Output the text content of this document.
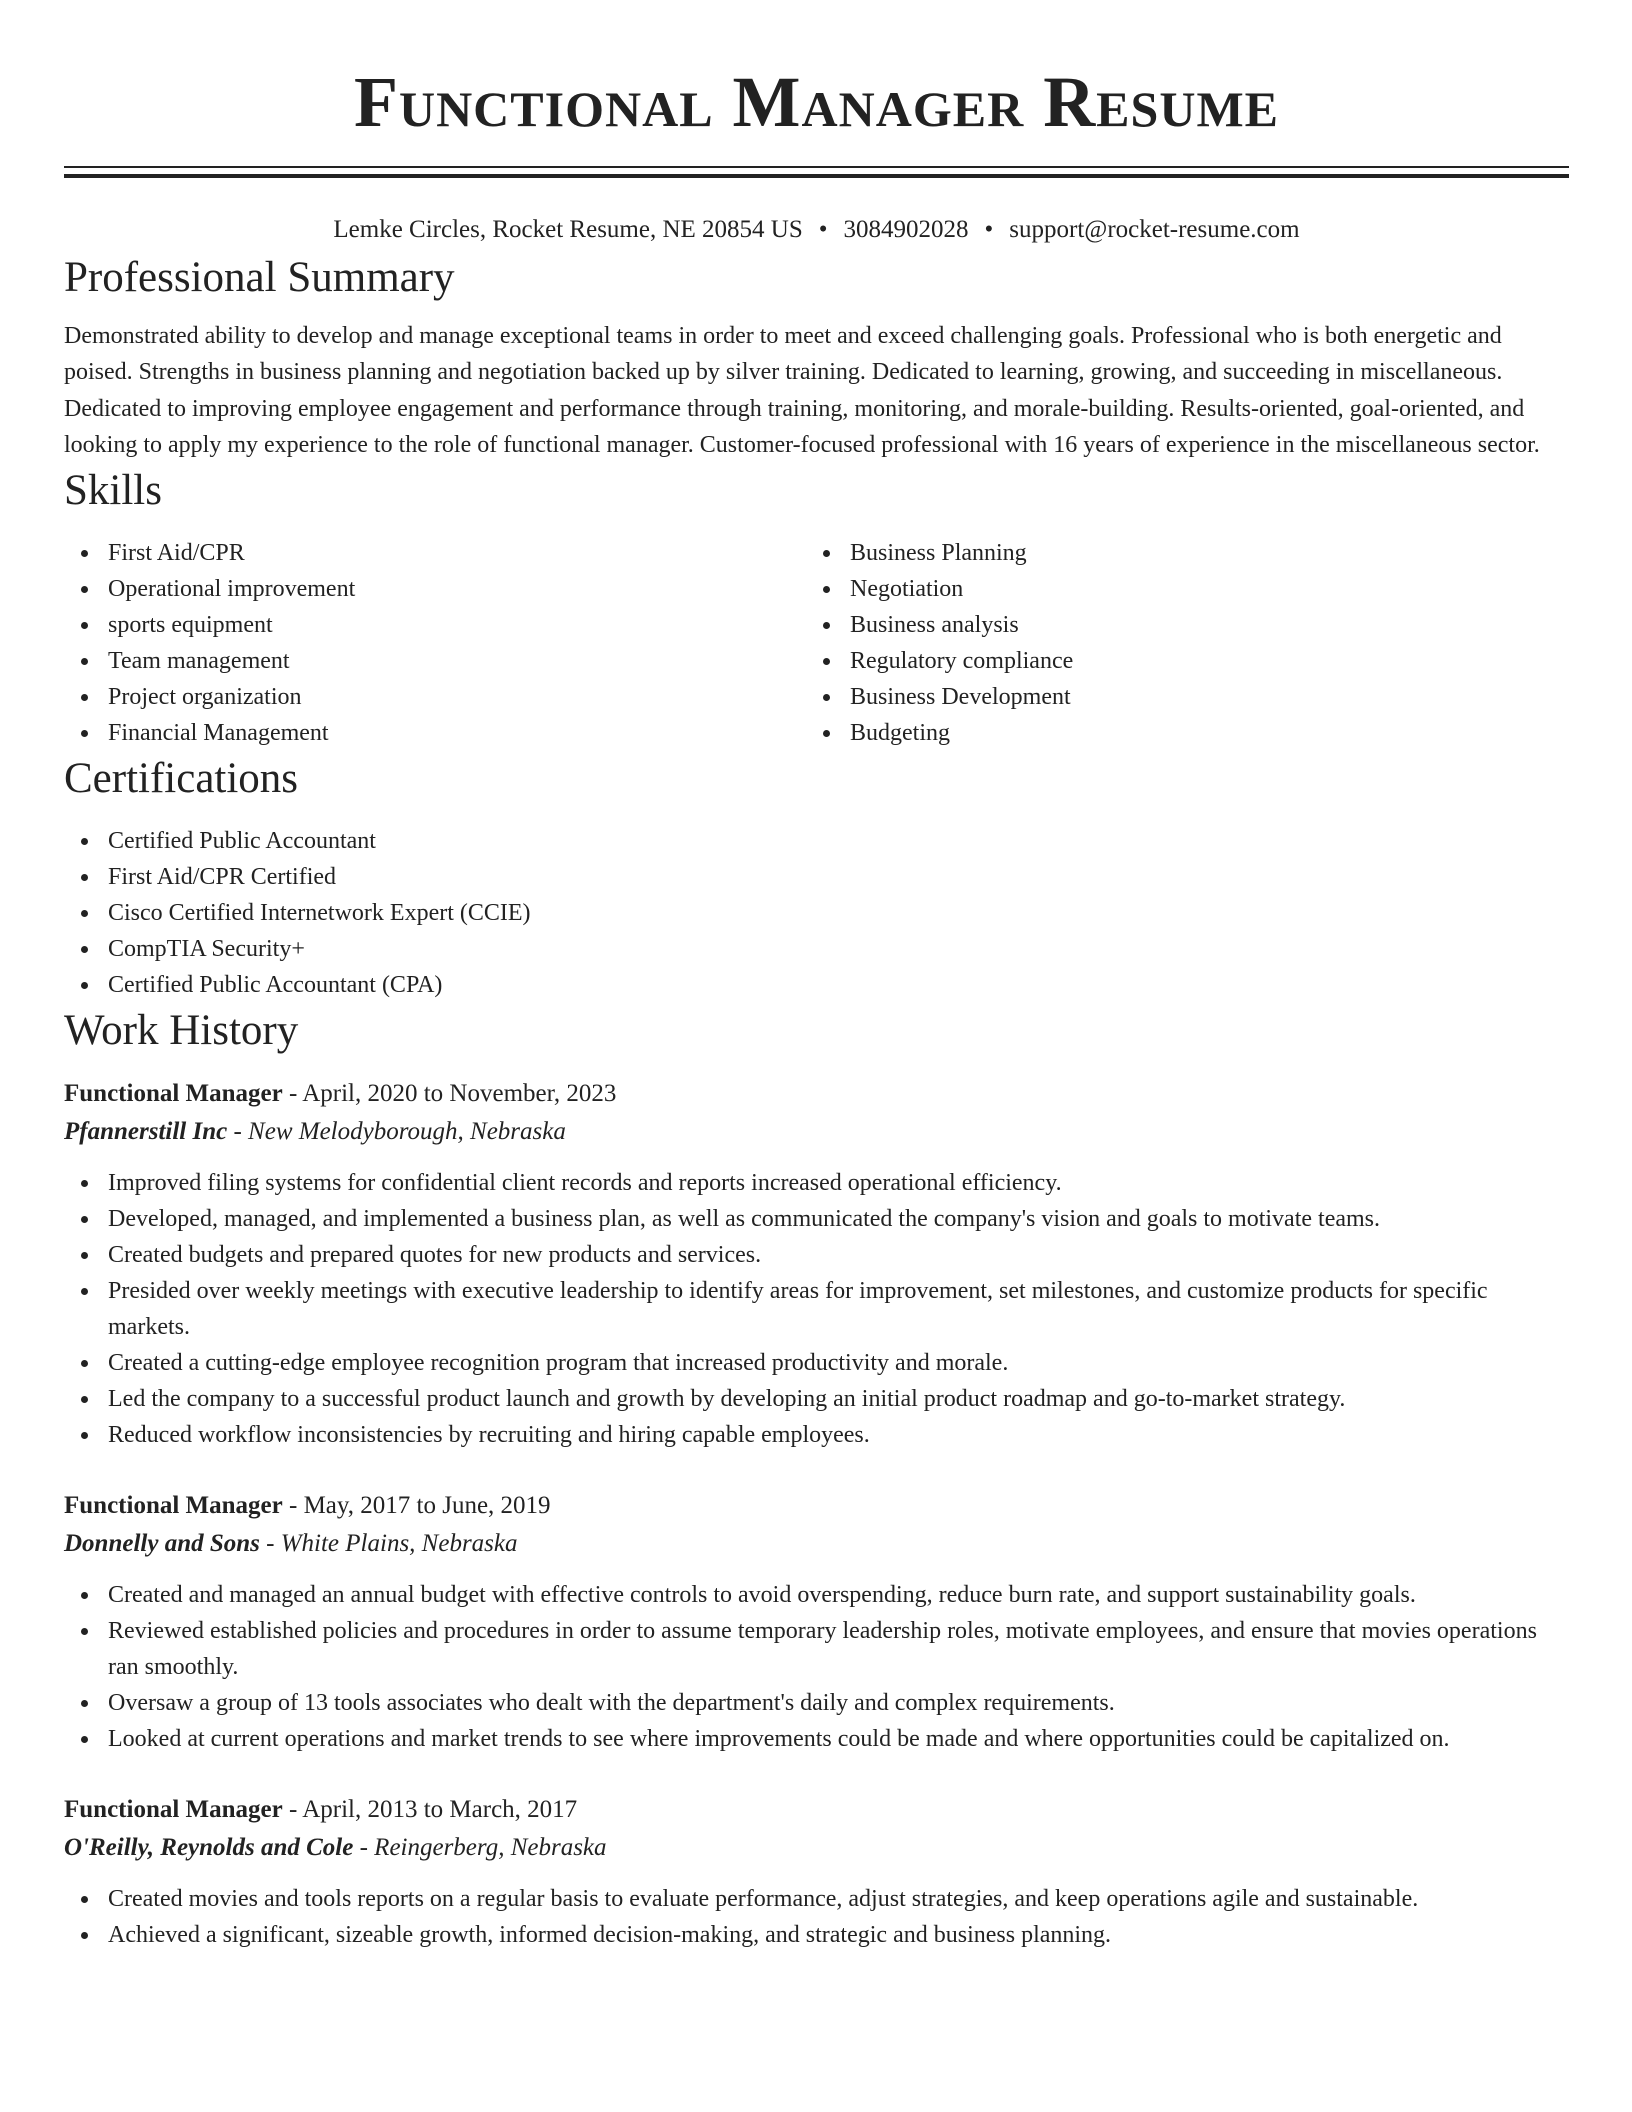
Functional Manager Resume
Lemke Circles, Rocket Resume, NE 20854 US • 3084902028 • support@rocket-resume.com
Professional Summary

Demonstrated ability to develop and manage exceptional teams in order to meet and exceed challenging goals. Professional who is both energetic and poised. Strengths in business planning and negotiation backed up by silver training. Dedicated to learning, growing, and succeeding in miscellaneous. Dedicated to improving employee engagement and performance through training, monitoring, and morale-building. Results-oriented, goal-oriented, and looking to apply my experience to the role of functional manager. Customer-focused professional with 16 years of experience in the miscellaneous sector.

Skills
First Aid/CPR
Operational improvement
sports equipment
Team management
Project organization
Financial Management
Business Planning
Negotiation
Business analysis
Regulatory compliance
Business Development
Budgeting
Certifications
Certified Public Accountant
First Aid/CPR Certified
Cisco Certified Internetwork Expert (CCIE)
CompTIA Security+
Certified Public Accountant (CPA)
Work History
Functional Manager - April, 2020 to November, 2023
Pfannerstill Inc - New Melodyborough, Nebraska
Improved filing systems for confidential client records and reports increased operational efficiency.
Developed, managed, and implemented a business plan, as well as communicated the company's vision and goals to motivate teams.
Created budgets and prepared quotes for new products and services.
Presided over weekly meetings with executive leadership to identify areas for improvement, set milestones, and customize products for specific markets.
Created a cutting-edge employee recognition program that increased productivity and morale.
Led the company to a successful product launch and growth by developing an initial product roadmap and go-to-market strategy.
Reduced workflow inconsistencies by recruiting and hiring capable employees.
Functional Manager - May, 2017 to June, 2019
Donnelly and Sons - White Plains, Nebraska
Created and managed an annual budget with effective controls to avoid overspending, reduce burn rate, and support sustainability goals.
Reviewed established policies and procedures in order to assume temporary leadership roles, motivate employees, and ensure that movies operations ran smoothly.
Oversaw a group of 13 tools associates who dealt with the department's daily and complex requirements.
Looked at current operations and market trends to see where improvements could be made and where opportunities could be capitalized on.
Functional Manager - April, 2013 to March, 2017
O'Reilly, Reynolds and Cole - Reingerberg, Nebraska
Created movies and tools reports on a regular basis to evaluate performance, adjust strategies, and keep operations agile and sustainable.
Achieved a significant, sizeable growth, informed decision-making, and strategic and business planning.
